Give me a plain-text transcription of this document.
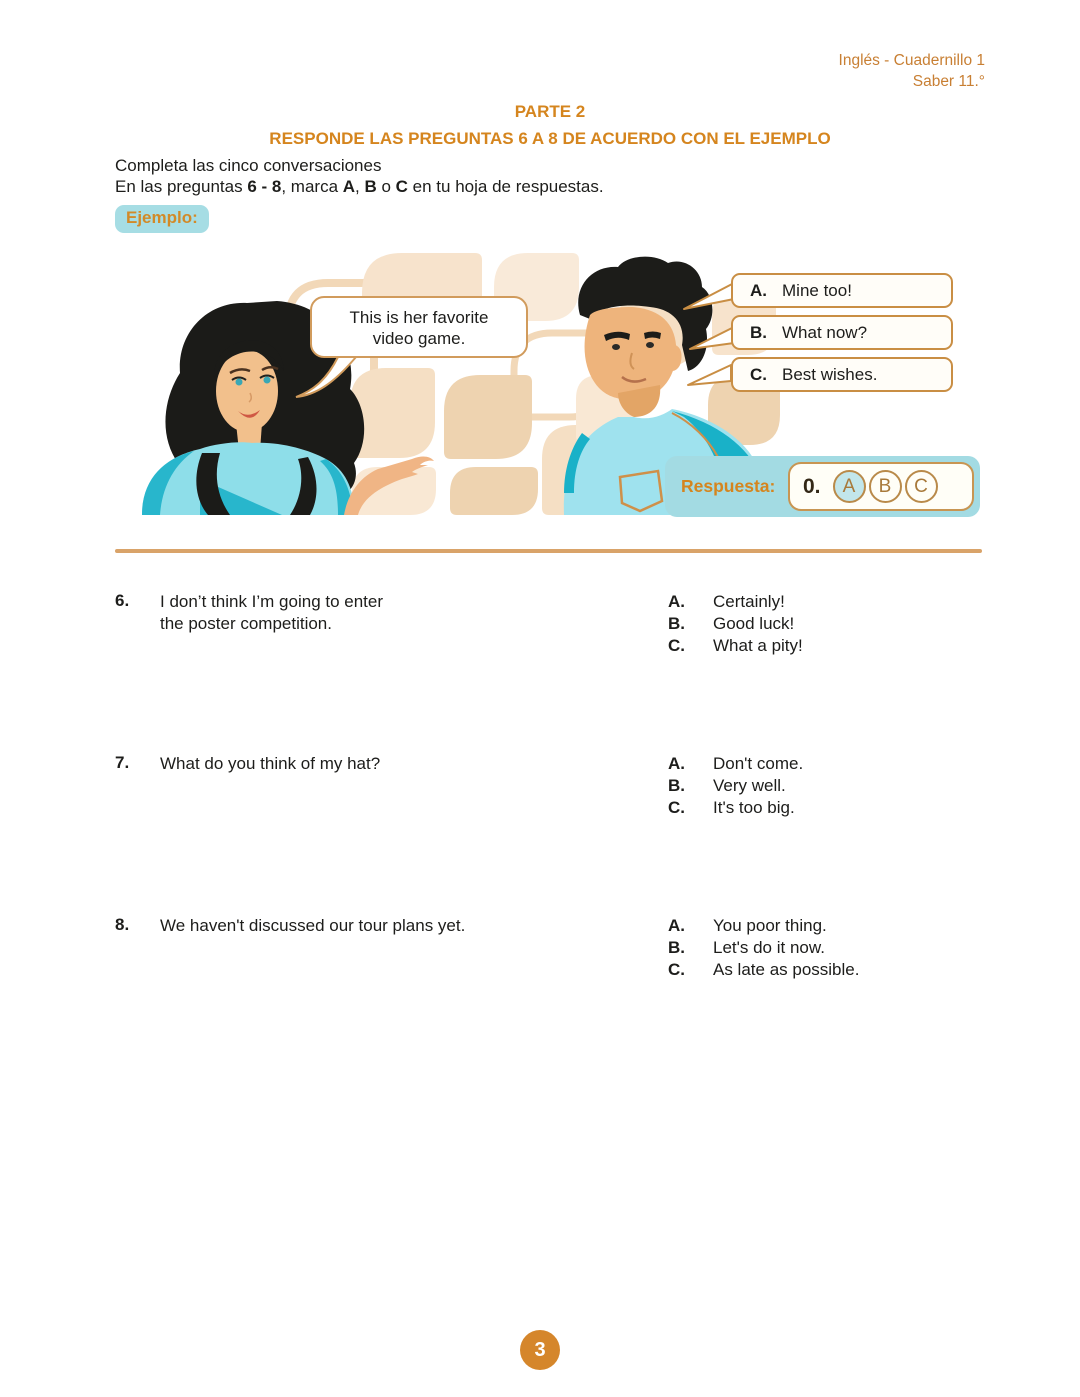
Inglés - Cuadernillo 1
Saber 11.°
PARTE 2
RESPONDE LAS PREGUNTAS 6 A 8 DE ACUERDO CON EL EJEMPLO
Completa las cinco conversaciones
En las preguntas 6 - 8, marca A, B o C en tu hoja de respuestas.
Ejemplo:
This is her favorite
video game.
A. Mine too!
B. What now?
C. Best wishes.
Respuesta: 0.	A	B	C
6. I don’t think I’m going to enter
the poster competition.
A. Certainly!
B. Good luck!
C. What a pity!
7. What do you think of my hat?	A. Don't come.
B. Very well.
C. It's too big.
8. We haven't discussed our tour plans yet.	A. You poor thing.
B. Let's do it now.
C. As late as possible.
3
